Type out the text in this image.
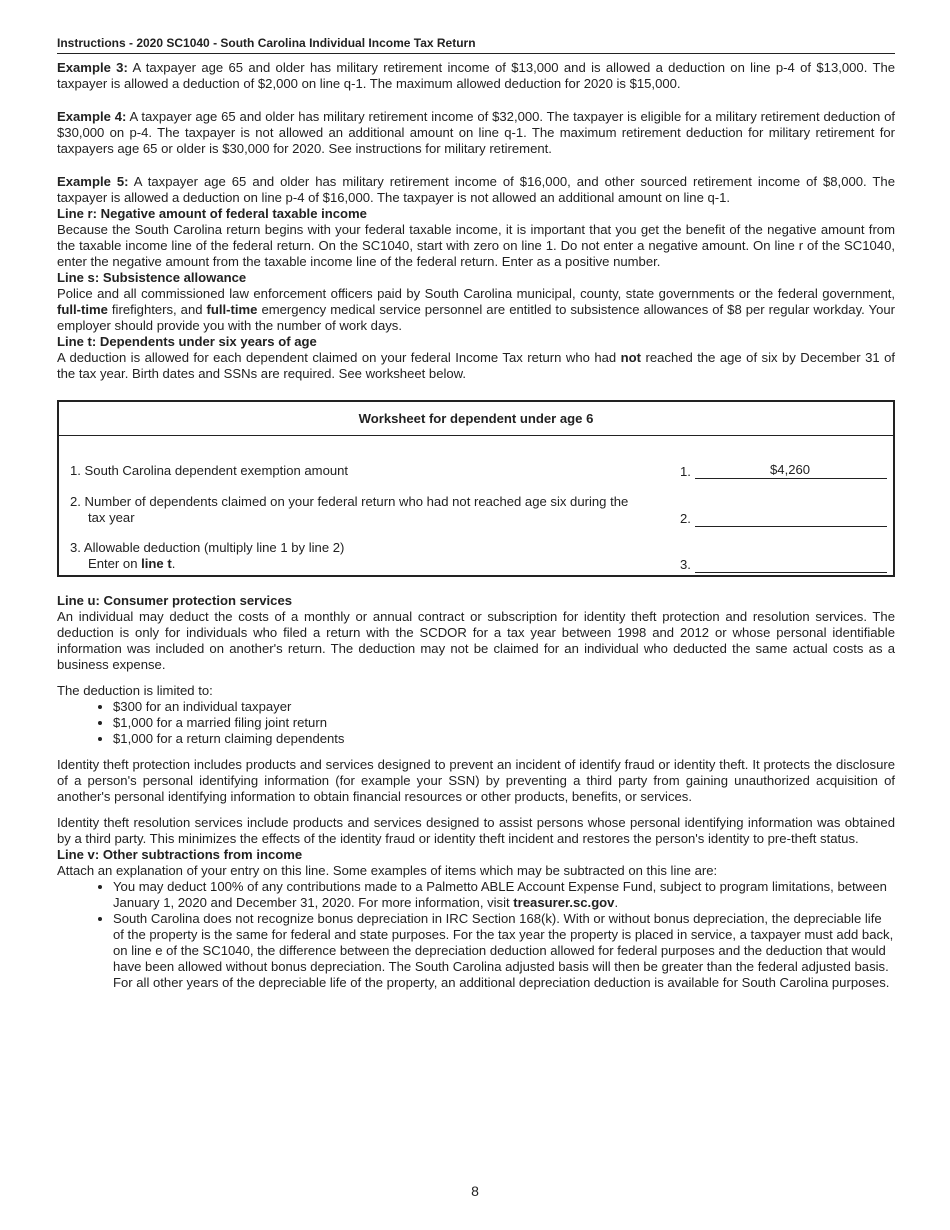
Instructions - 2020 SC1040 - South Carolina Individual Income Tax Return

Example 3: A taxpayer age 65 and older has military retirement income of $13,000 and is allowed a deduction on line p-4 of $13,000. The taxpayer is allowed a deduction of $2,000 on line q-1. The maximum allowed deduction for 2020 is $15,000.

Example 4: A taxpayer age 65 and older has military retirement income of $32,000. The taxpayer is eligible for a military retirement deduction of $30,000 on p-4. The taxpayer is not allowed an additional amount on line q-1. The maximum retirement deduction for military retirement for taxpayers age 65 or older is $30,000 for 2020. See instructions for military retirement.

Example 5: A taxpayer age 65 and older has military retirement income of $16,000, and other sourced retirement income of $8,000. The taxpayer is allowed a deduction on line p-4 of $16,000. The taxpayer is not allowed an additional amount on line q-1.

Line r: Negative amount of federal taxable income

Because the South Carolina return begins with your federal taxable income, it is important that you get the benefit of the negative amount from the taxable income line of the federal return. On the SC1040, start with zero on line 1. Do not enter a negative amount. On line r of the SC1040, enter the negative amount from the taxable income line of the federal return. Enter as a positive number.

Line s: Subsistence allowance

Police and all commissioned law enforcement officers paid by South Carolina municipal, county, state governments or the federal government, full-time firefighters, and full-time emergency medical service personnel are entitled to subsistence allowances of $8 per regular workday. Your employer should provide you with the number of work days.

Line t: Dependents under six years of age

A deduction is allowed for each dependent claimed on your federal Income Tax return who had not reached the age of six by December 31 of the tax year. Birth dates and SSNs are required. See worksheet below.

Worksheet for dependent under age 6
1. South Carolina dependent exemption amount	1.	$4,260
2. Number of dependents claimed on your federal return who had not reached age six during the
tax year	2.
3. Allowable deduction (multiply line 1 by line 2)
Enter on line t.	3.

Line u: Consumer protection services

An individual may deduct the costs of a monthly or annual contract or subscription for identity theft protection and resolution services. The deduction is only for individuals who filed a return with the SCDOR for a tax year between 1998 and 2012 or whose personal identifiable information was included on another's return. The deduction may not be claimed for an individual who deducted the same actual costs as a business expense.

The deduction is limited to:

• $300 for an individual taxpayer
• $1,000 for a married filing joint return
• $1,000 for a return claiming dependents

Identity theft protection includes products and services designed to prevent an incident of identify fraud or identity theft. It protects the disclosure of a person's personal identifying information (for example your SSN) by preventing a third party from gaining unauthorized acquisition of another's personal identifying information to obtain financial resources or other products, benefits, or services.

Identity theft resolution services include products and services designed to assist persons whose personal identifying information was obtained by a third party. This minimizes the effects of the identity fraud or identity theft incident and restores the person's identity to pre-theft status.

Line v: Other subtractions from income

Attach an explanation of your entry on this line. Some examples of items which may be subtracted on this line are:

• You may deduct 100% of any contributions made to a Palmetto ABLE Account Expense Fund, subject to program limitations, between January 1, 2020 and December 31, 2020. For more information, visit treasurer.sc.gov.
• South Carolina does not recognize bonus depreciation in IRC Section 168(k). With or without bonus depreciation, the depreciable life of the property is the same for federal and state purposes. For the tax year the property is placed in service, a taxpayer must add back, on line e of the SC1040, the difference between the depreciation deduction allowed for federal purposes and the deduction that would have been allowed without bonus depreciation. The South Carolina adjusted basis will then be greater than the federal adjusted basis. For all other years of the depreciable life of the property, an additional depreciation deduction is available for South Carolina purposes.
8
